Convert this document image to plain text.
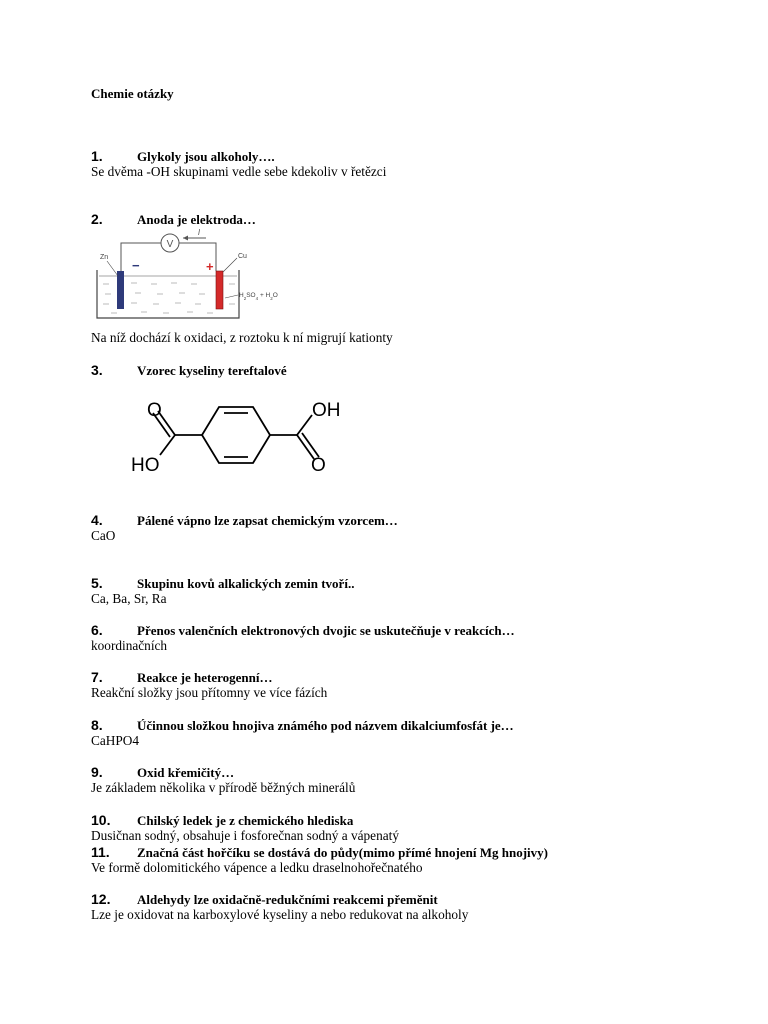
Chemie otázky
1.	Glykoly jsou alkoholy….
Se dvěma -OH skupinami vedle sebe kdekoliv v řetězci
2.	Anoda je elektroda…
V
I
−	+
Zn	Cu
$H_2SO_4 + H_2O$
Na níž dochází k oxidaci, z roztoku k ní migrují kationty
3.	Vzorec kyseliny tereftalové
O	OH
HO	O
4.	Pálené vápno lze zapsat chemickým vzorcem…
CaO
5.	Skupinu kovů alkalických zemin tvoří..
Ca, Ba, Sr, Ra
6.	Přenos valenčních elektronových dvojic se uskutečňuje v reakcích…
koordinačních
7.	Reakce je heterogenní…
Reakční složky jsou přítomny ve více fázích
8.	Účinnou složkou hnojiva známého pod názvem dikalciumfosfát je…
CaHPO4
9.	Oxid křemičitý…
Je základem několika v přírodě běžných minerálů
10. Chilský ledek je z chemického hlediska
Dusičnan sodný, obsahuje i fosforečnan sodný a vápenatý
11. Značná část hořčíku se dostává do půdy(mimo přímé hnojení Mg hnojivy)
Ve formě dolomitického vápence a ledku draselnohořečnatého
12. Aldehydy lze oxidačně-redukčními reakcemi přeměnit
Lze je oxidovat na karboxylové kyseliny a nebo redukovat na alkoholy
